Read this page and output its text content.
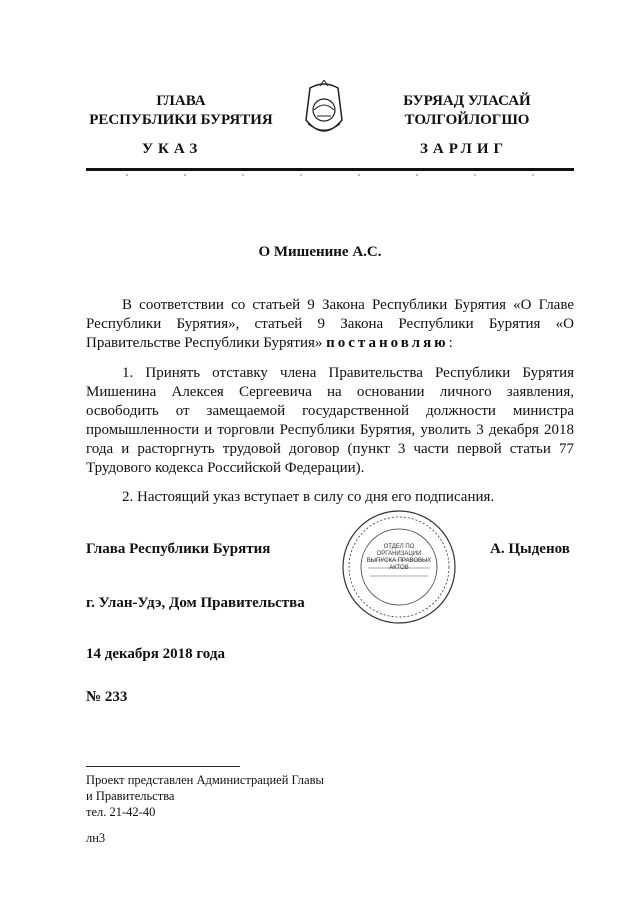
ГЛАВА
РЕСПУБЛИКИ БУРЯТИЯ
БУРЯАД УЛАСАЙ
ТОЛГОЙЛОГШО
УКАЗ	ЗАРЛИГ
О Мишенине А.С.

В соответствии со статьей 9 Закона Республики Бурятия «О Главе Республики Бурятия», статьей 9 Закона Республики Бурятия «О Правительстве Республики Бурятия» постановляю:

1. Принять отставку члена Правительства Республики Бурятия Мишенина Алексея Сергеевича на основании личного заявления, освободить от замещаемой государственной должности министра промышленности и торговли Республики Бурятия, уволить 3 декабря 2018 года и расторгнуть трудовой договор (пункт 3 части первой статьи 77 Трудового кодекса Российской Федерации).

2. Настоящий указ вступает в силу со дня его подписания.

Глава Республики Бурятия	А. Цыденов
ОТДЕЛ ПО ОРГАНИЗАЦИИ ВЫПУСКА ПРАВОВЫХ АКТОВ
г. Улан-Удэ, Дом Правительства
14 декабря 2018 года
№ 233
Проект представлен Администрацией Главы
и Правительства
тел. 21-42-40
лн3
